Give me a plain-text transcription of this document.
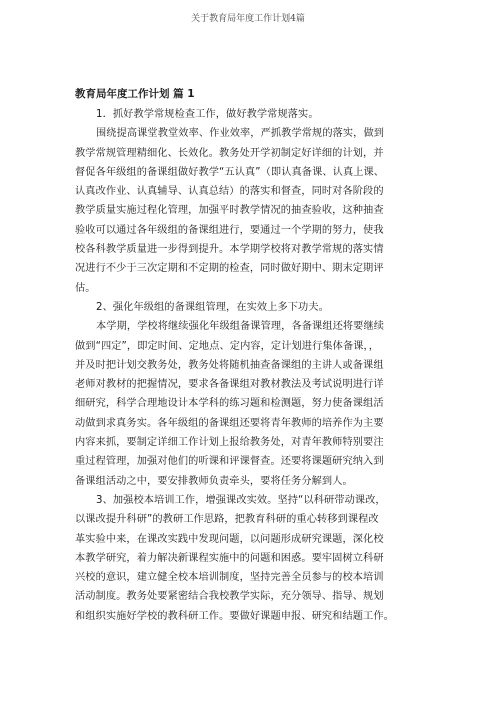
关于教育局年度工作计划4篇
教育局年度工作计划 篇 1

1．抓好教学常规检查工作，做好教学常规落实。

围绕提高课堂教堂效率、作业效率，严抓教学常规的落实，做到
教学常规管理精细化、长效化。教务处开学初制定好详细的计划，并
督促各年级组的备课组做好教学“五认真”（即认真备课、认真上课、
认真改作业、认真辅导、认真总结）的落实和督查，同时对各阶段的
教学质量实施过程化管理，加强平时教学情况的抽查验收，这种抽查
验收可以通过各年级组的备课组进行，要通过一个学期的努力，使我
校各科教学质量进一步得到提升。本学期学校将对教学常规的落实情
况进行不少于三次定期和不定期的检查，同时做好期中、期末定期评
估。

2、强化年级组的备课组管理，在实效上多下功夫。

本学期，学校将继续强化年级组备课管理，各备课组还将要继续
做到“四定”，即定时间、定地点、定内容，定计划进行集体备课，，
并及时把计划交教务处，教务处将随机抽查备课组的主讲人或备课组
老师对教材的把握情况，要求各备课组对教材教法及考试说明进行详
细研究，科学合理地设计本学科的练习题和检测题，努力使备课组活
动做到求真务实。各年级组的备课组还要将青年教师的培养作为主要
内容来抓，要制定详细工作计划上报给教务处，对青年教师特别要注
重过程管理，加强对他们的听课和评课督查。还要将课题研究纳入到
备课组活动之中，要安排教师负责牵头，要将任务分解到人。

3、加强校本培训工作，增强课改实效。坚持“以科研带动课改，
以课改提升科研”的教研工作思路，把教育科研的重心转移到课程改
革实验中来，在课改实践中发现问题，以问题形成研究课题，深化校
本教学研究，着力解决新课程实施中的问题和困惑。要牢固树立科研
兴校的意识，建立健全校本培训制度，坚持完善全员参与的校本培训
活动制度。教务处要紧密结合我校教学实际，充分领导、指导、规划
和组织实施好学校的教科研工作。要做好课题申报、研究和结题工作。
